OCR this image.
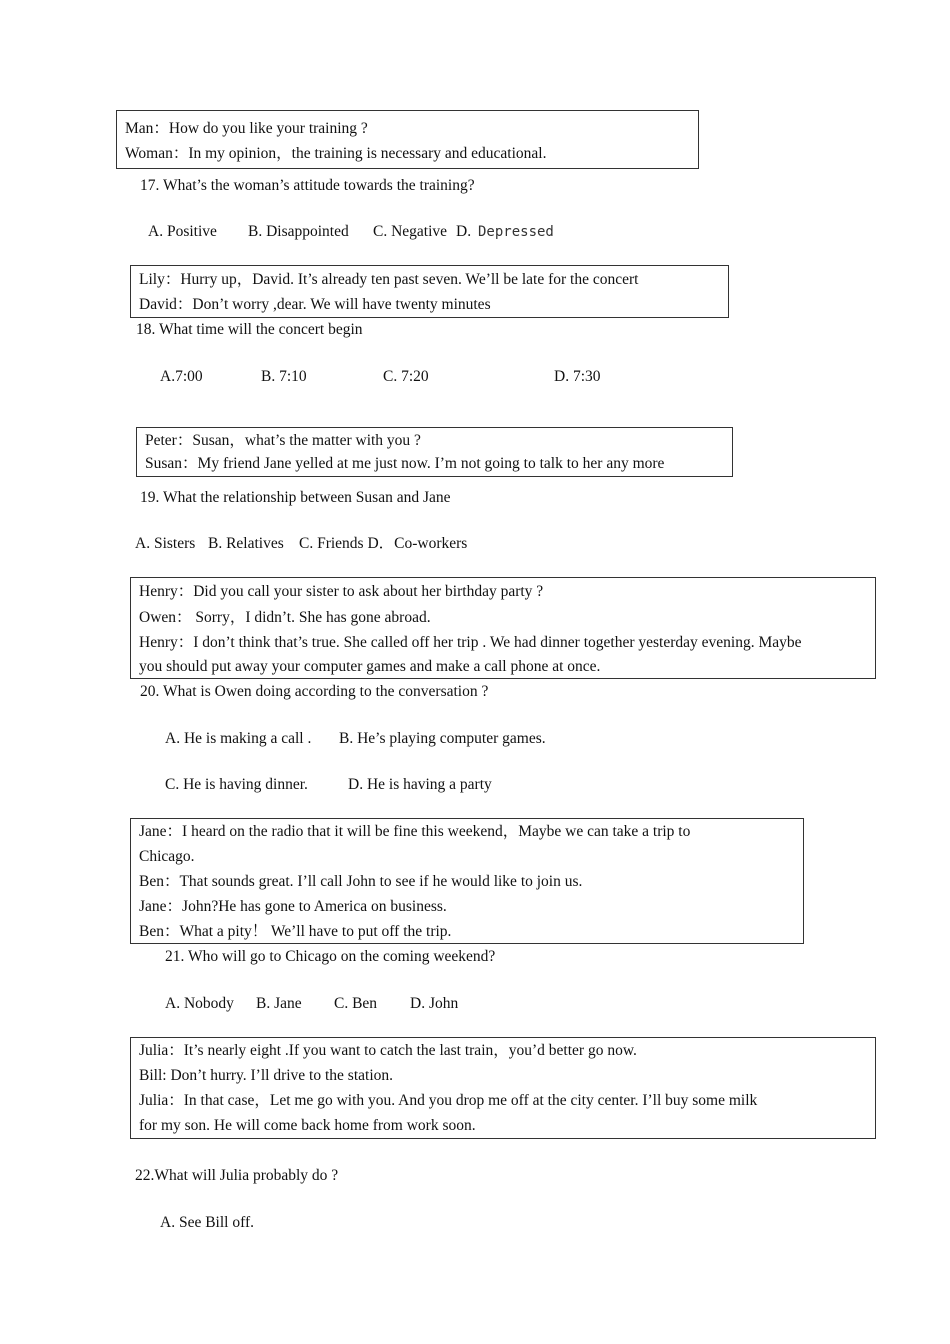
Man：How do you like your training ?
Woman：In my opinion，the training is necessary and educational.
17. What’s the woman’s attitude towards the training?
A. Positive B. Disappointed C. Negative D. Depressed
Lily：Hurry up，David. It’s already ten past seven. We’ll be late for the concert
David：Don’t worry ,dear. We will have twenty minutes
18. What time will the concert begin
A.7:00	B. 7:10	C. 7:20	D. 7:30
Peter：Susan，what’s the matter with you ?
Susan：My friend Jane yelled at me just now. I’m not going to talk to her any more
19. What the relationship between Susan and Jane
A. Sisters B. Relatives C. Friends D．Co-workers
Henry：Did you call your sister to ask about her birthday party ?
Owen： Sorry，I didn’t. She has gone abroad.
Henry：I don’t think that’s true. She called off her trip . We had dinner together yesterday evening. Maybe
you should put away your computer games and make a call phone at once.
20. What is Owen doing according to the conversation ?
A. He is making a call . B. He’s playing computer games.
C. He is having dinner.	D. He is having a party
Jane：I heard on the radio that it will be fine this weekend，Maybe we can take a trip to
Chicago.
Ben：That sounds great. I’ll call John to see if he would like to join us.
Jane：John?He has gone to America on business.
Ben：What a pity！ We’ll have to put off the trip.
21. Who will go to Chicago on the coming weekend?
A. Nobody B. Jane C. Ben D. John
Julia：It’s nearly eight .If you want to catch the last train，you’d better go now.
Bill: Don’t hurry. I’ll drive to the station.
Julia：In that case，Let me go with you. And you drop me off at the city center. I’ll buy some milk
for my son. He will come back home from work soon.
22.What will Julia probably do ?
A. See Bill off.
